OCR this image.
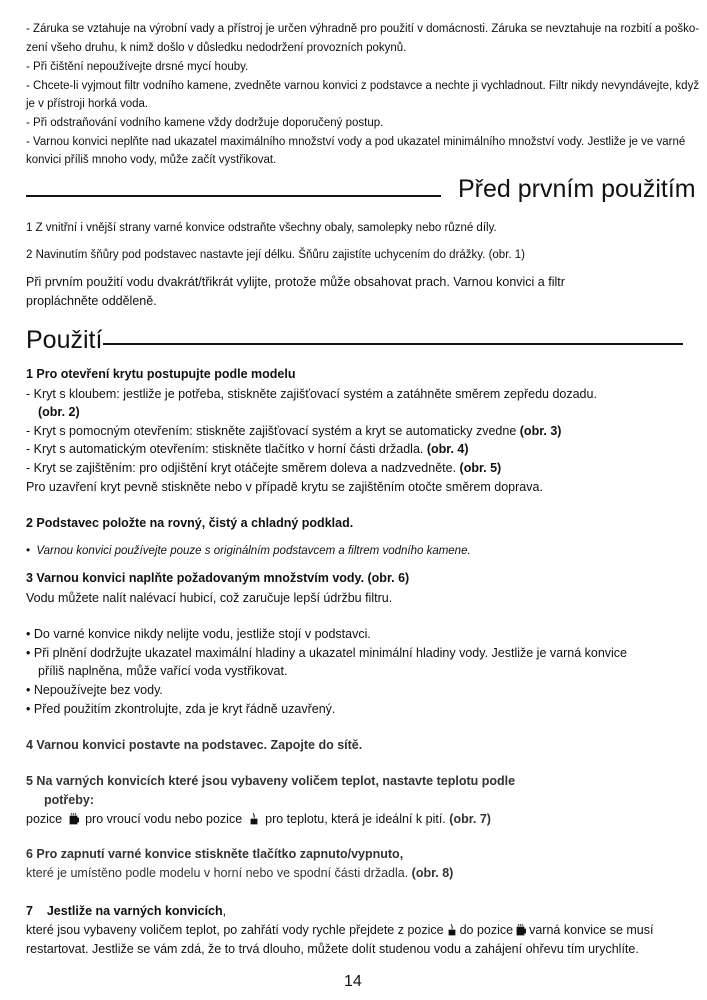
- Záruka se vztahuje na výrobní vady a přístroj je určen výhradně pro použití v domácnosti. Záruka se nevztahuje na rozbití a poško-
zení všeho druhu, k nimž došlo v důsledku nedodržení provozních pokynů.
- Při čištění nepoužívejte drsné mycí houby.
- Chcete-li vyjmout filtr vodního kamene, zvedněte varnou konvici z podstavce a nechte ji vychladnout. Filtr nikdy nevyndávejte, když
je v přístroji horká voda.
- Při odstraňování vodního kamene vždy dodržuje doporučený postup.
- Varnou konvici neplňte nad ukazatel maximálního množství vody a pod ukazatel minimálního množství vody. Jestliže je ve varné
konvici příliš mnoho vody, může začít vystřikovat.
Před prvním použitím
1 Z vnitřní i vnější strany varné konvice odstraňte všechny obaly, samolepky nebo různé díly.
2 Navinutím šňůry pod podstavec nastavte její délku. Šňůru zajistíte uchycením do drážky. (obr. 1)
Při prvním použití vodu dvakrát/třikrát vylijte, protože může obsahovat prach. Varnou konvici a filtr
propláchněte odděleně.
Použití
1 Pro otevření krytu postupujte podle modelu
- Kryt s kloubem: jestliže je potřeba, stiskněte zajišťovací systém a zatáhněte směrem zepředu dozadu.
(obr. 2)
- Kryt s pomocným otevřením: stiskněte zajišťovací systém a kryt se automaticky zvedne (obr. 3)
- Kryt s automatickým otevřením: stiskněte tlačítko v horní části držadla. (obr. 4)
- Kryt se zajištěním: pro odjištění kryt otáčejte směrem doleva a nadzvedněte. (obr. 5)
Pro uzavření kryt pevně stiskněte nebo v případě krytu se zajištěním otočte směrem doprava.
2 Podstavec položte na rovný, čistý a chladný podklad.
• Varnou konvici používejte pouze s originálním podstavcem a filtrem vodního kamene.
3 Varnou konvici naplňte požadovaným množstvím vody. (obr. 6)
Vodu můžete nalít nalévací hubicí, což zaručuje lepší údržbu filtru.
• Do varné konvice nikdy nelijte vodu, jestliže stojí v podstavci.
• Při plnění dodržujte ukazatel maximální hladiny a ukazatel minimální hladiny vody. Jestliže je varná konvice
příliš naplněna, může vařící voda vystřikovat.
• Nepoužívejte bez vody.
• Před použitím zkontrolujte, zda je kryt řádně uzavřený.
4 Varnou konvici postavte na podstavec. Zapojte do sítě.
5 Na varných konvicích které jsou vybaveny voličem teplot, nastavte teplotu podle
potřeby:
pozice pro vroucí vodu nebo pozice pro teplotu, která je ideální k pití. (obr. 7)
6 Pro zapnutí varné konvice stiskněte tlačítko zapnuto/vypnuto,
které je umístěno podle modelu v horní nebo ve spodní části držadla. (obr. 8)
7 Jestliže na varných konvicích,
které jsou vybaveny voličem teplot, po zahřátí vody rychle přejdete z pozice do pozice varná konvice se musí
restartovat. Jestliže se vám zdá, že to trvá dlouho, můžete dolít studenou vodu a zahájení ohřevu tím urychlíte.
14
